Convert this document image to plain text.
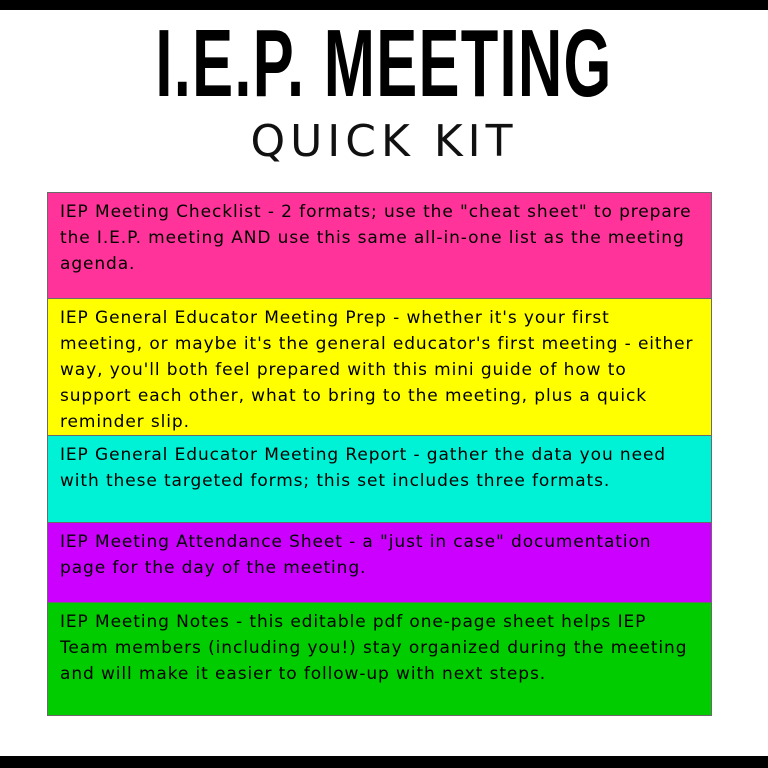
I.E.P. MEETING
QUICK KIT
IEP Meeting Checklist - 2 formats; use the "cheat sheet" to prepare the I.E.P. meeting AND use this same all-in-one list as the meeting agenda.
IEP General Educator Meeting Prep - whether it's your first meeting, or maybe it's the general educator's first meeting - either way, you'll both feel prepared with this mini guide of how to support each other, what to bring to the meeting, plus a quick reminder slip.
IEP General Educator Meeting Report - gather the data you need with these targeted forms; this set includes three formats.
IEP Meeting Attendance Sheet - a "just in case" documentation page for the day of the meeting.
IEP Meeting Notes - this editable pdf one-page sheet helps IEP Team members (including you!) stay organized during the meeting and will make it easier to follow-up with next steps.
